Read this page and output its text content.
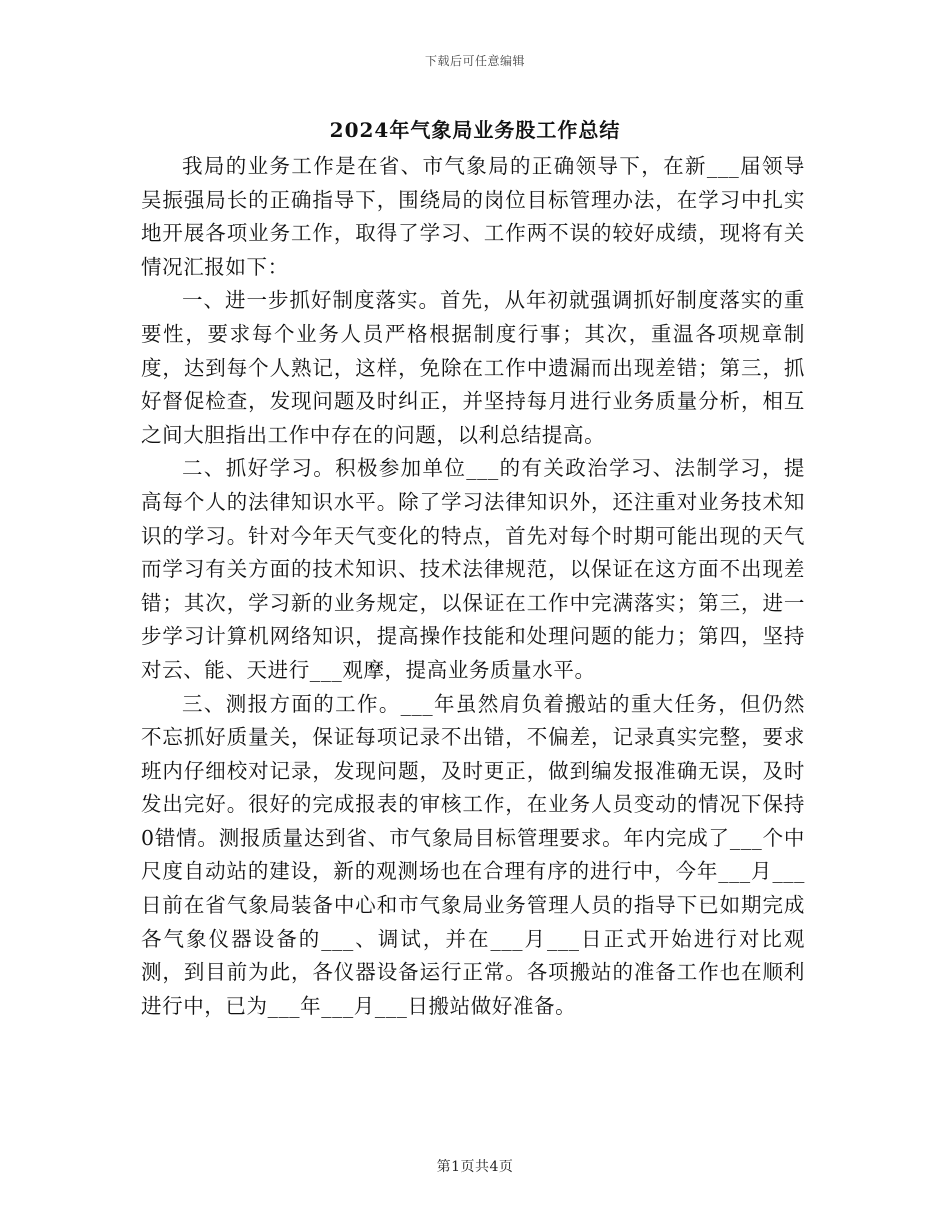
下载后可任意编辑
2024年气象局业务股工作总结

我局的业务工作是在省、市气象局的正确领导下，在新___届领导吴振强局长的正确指导下，围绕局的岗位目标管理办法，在学习中扎实地开展各项业务工作，取得了学习、工作两不误的较好成绩，现将有关情况汇报如下：

一、进一步抓好制度落实。首先，从年初就强调抓好制度落实的重要性，要求每个业务人员严格根据制度行事；其次，重温各项规章制度，达到每个人熟记，这样，免除在工作中遗漏而出现差错；第三，抓好督促检查，发现问题及时纠正，并坚持每月进行业务质量分析，相互之间大胆指出工作中存在的问题，以利总结提高。

二、抓好学习。积极参加单位___的有关政治学习、法制学习，提高每个人的法律知识水平。除了学习法律知识外，还注重对业务技术知识的学习。针对今年天气变化的特点，首先对每个时期可能出现的天气而学习有关方面的技术知识、技术法律规范，以保证在这方面不出现差错；其次，学习新的业务规定，以保证在工作中完满落实；第三，进一步学习计算机网络知识，提高操作技能和处理问题的能力；第四，坚持对云、能、天进行___观摩，提高业务质量水平。

三、测报方面的工作。___年虽然肩负着搬站的重大任务，但仍然不忘抓好质量关，保证每项记录不出错，不偏差，记录真实完整，要求班内仔细校对记录，发现问题，及时更正，做到编发报准确无误，及时发出完好。很好的完成报表的审核工作，在业务人员变动的情况下保持0错情。测报质量达到省、市气象局目标管理要求。年内完成了___个中尺度自动站的建设，新的观测场也在合理有序的进行中，今年___月___日前在省气象局装备中心和市气象局业务管理人员的指导下已如期完成各气象仪器设备的___、调试，并在___月___日正式开始进行对比观测，到目前为此，各仪器设备运行正常。各项搬站的准备工作也在顺利进行中，已为___年___月___日搬站做好准备。

第1页共4页
